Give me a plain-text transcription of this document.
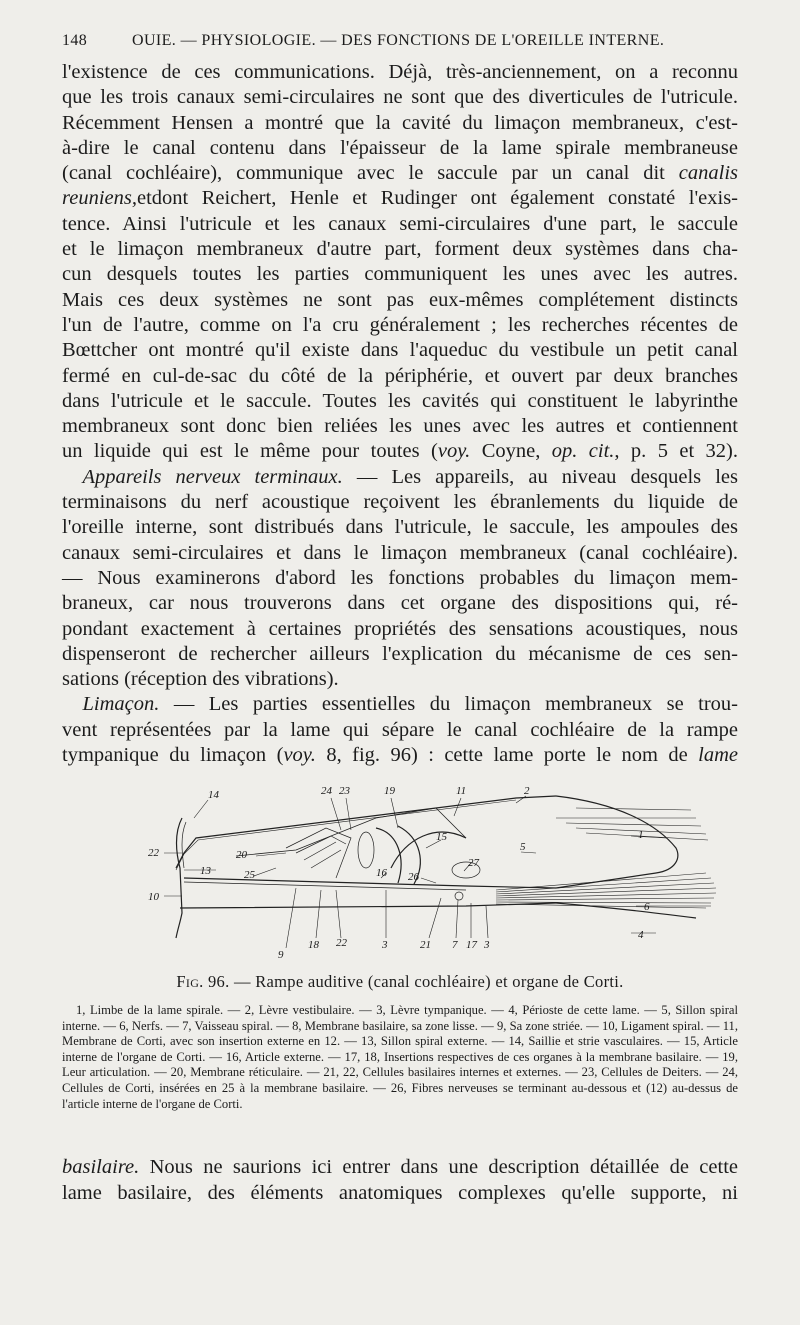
148	OUIE. — PHYSIOLOGIE. — DES FONCTIONS DE L'OREILLE INTERNE.

l'existence de ces communications. Déjà, très-anciennement, on a reconnu
que les trois canaux semi-circulaires ne sont que des diverticules de l'utricule.
Récemment Hensen a montré que la cavité du limaçon membraneux, c'est-
à-dire le canal contenu dans l'épaisseur de la lame spirale membraneuse
(canal cochléaire), communique avec le saccule par un canal dit canalis
reuniens,etdont Reichert, Henle et Rudinger ont également constaté l'exis-
tence. Ainsi l'utricule et les canaux semi-circulaires d'une part, le saccule
et le limaçon membraneux d'autre part, forment deux systèmes dans cha-
cun desquels toutes les parties communiquent les unes avec les autres.
Mais ces deux systèmes ne sont pas eux-mêmes complétement distincts
l'un de l'autre, comme on l'a cru généralement ; les recherches récentes de
Bœttcher ont montré qu'il existe dans l'aqueduc du vestibule un petit canal
fermé en cul-de-sac du côté de la périphérie, et ouvert par deux branches
dans l'utricule et le saccule. Toutes les cavités qui constituent le labyrinthe
membraneux sont donc bien reliées les unes avec les autres et contiennent
un liquide qui est le même pour toutes (voy. Coyne, op. cit., p. 5 et 32).

 Appareils nerveux terminaux. — Les appareils, au niveau desquels les
terminaisons du nerf acoustique reçoivent les ébranlements du liquide de
l'oreille interne, sont distribués dans l'utricule, le saccule, les ampoules des
canaux semi-circulaires et dans le limaçon membraneux (canal cochléaire).
— Nous examinerons d'abord les fonctions probables du limaçon mem-
braneux, car nous trouverons dans cet organe des dispositions qui, ré-
pondant exactement à certaines propriétés des sensations acoustiques, nous
dispenseront de rechercher ailleurs l'explication du mécanisme de ces sen-
sations (réception des vibrations).

 Limaçon. — Les parties essentielles du limaçon membraneux se trou-
vent représentées par la lame qui sépare le canal cochléaire de la rampe
tympanique du limaçon (voy. 8, fig. 96) : cette lame porte le nom de lame

14	24 23	19	11	2
1
22	20
15
5
13	25	16 26
27
10
6
4
9
18 22	3	21 7 17 3
Fig. 96. — Rampe auditive (canal cochléaire) et organe de Corti.

1, Limbe de la lame spirale. — 2, Lèvre vestibulaire. — 3, Lèvre tympanique. — 4, Périoste de cette lame. — 5, Sillon spiral interne. — 6, Nerfs. — 7, Vaisseau spiral. — 8, Membrane basilaire, sa zone lisse. — 9, Sa zone striée. — 10, Ligament spiral. — 11, Membrane de Corti, avec son insertion externe en 12. — 13, Sillon spiral externe. — 14, Saillie et strie vasculaires. — 15, Article interne de l'organe de Corti. — 16, Article externe. — 17, 18, Insertions respectives de ces organes à la membrane basilaire. — 19, Leur articulation. — 20, Membrane réticulaire. — 21, 22, Cellules basilaires internes et externes. — 23, Cellules de Deiters. — 24, Cellules de Corti, insérées en 25 à la membrane basilaire. — 26, Fibres nerveuses se terminant au-dessous et (12) au-dessus de l'article interne de l'organe de Corti.

basilaire. Nous ne saurions ici entrer dans une description détaillée de cette
lame basilaire, des éléments anatomiques complexes qu'elle supporte, ni
